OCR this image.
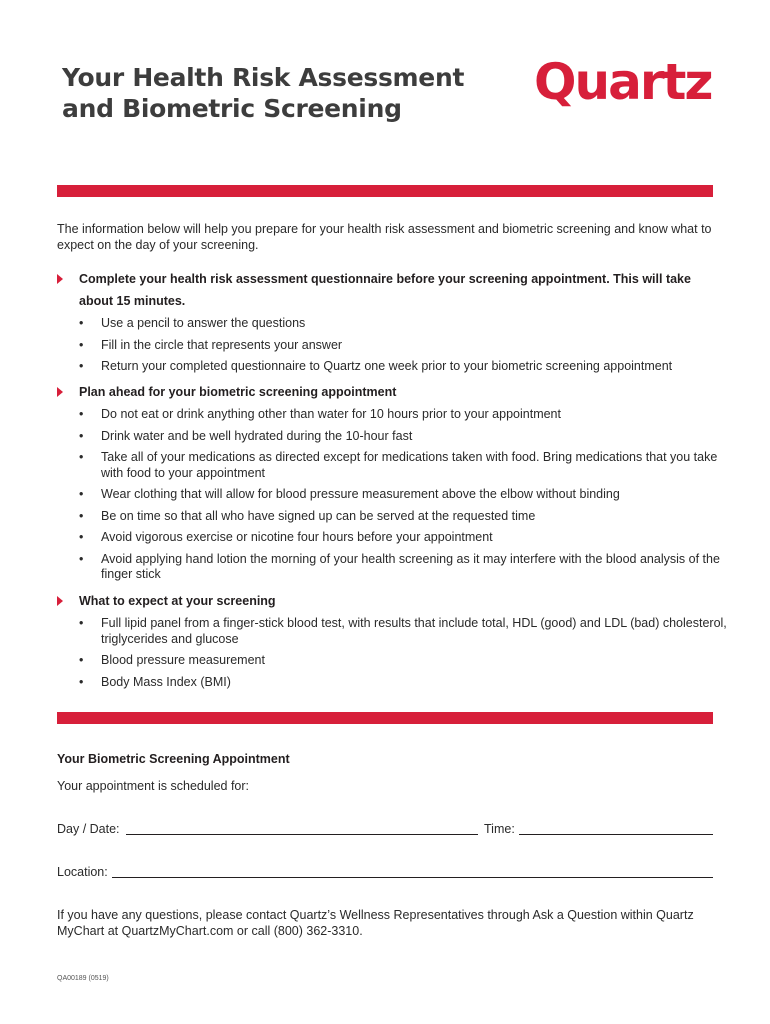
Your Health Risk Assessment
and Biometric Screening	Quartz

The information below will help you prepare for your health risk assessment and biometric screening and know what to expect on the day of your screening.

Complete your health risk assessment questionnaire before your screening appointment. This will take about 15 minutes.
• Use a pencil to answer the questions
• Fill in the circle that represents your answer
• Return your completed questionnaire to Quartz one week prior to your biometric screening appointment
Plan ahead for your biometric screening appointment
• Do not eat or drink anything other than water for 10 hours prior to your appointment
• Drink water and be well hydrated during the 10-hour fast
• Take all of your medications as directed except for medications taken with food. Bring medications that you take with food to your appointment
• Wear clothing that will allow for blood pressure measurement above the elbow without binding
• Be on time so that all who have signed up can be served at the requested time
• Avoid vigorous exercise or nicotine four hours before your appointment
• Avoid applying hand lotion the morning of your health screening as it may interfere with the blood analysis of the finger stick
What to expect at your screening
• Full lipid panel from a finger-stick blood test, with results that include total, HDL (good) and LDL (bad) cholesterol, triglycerides and glucose
• Blood pressure measurement
• Body Mass Index (BMI)
Your Biometric Screening Appointment
Your appointment is scheduled for:
Day / Date:	Time:
Location:

If you have any questions, please contact Quartz’s Wellness Representatives through Ask a Question within Quartz MyChart at QuartzMyChart.com or call (800) 362-3310.

QA00189 (0519)
